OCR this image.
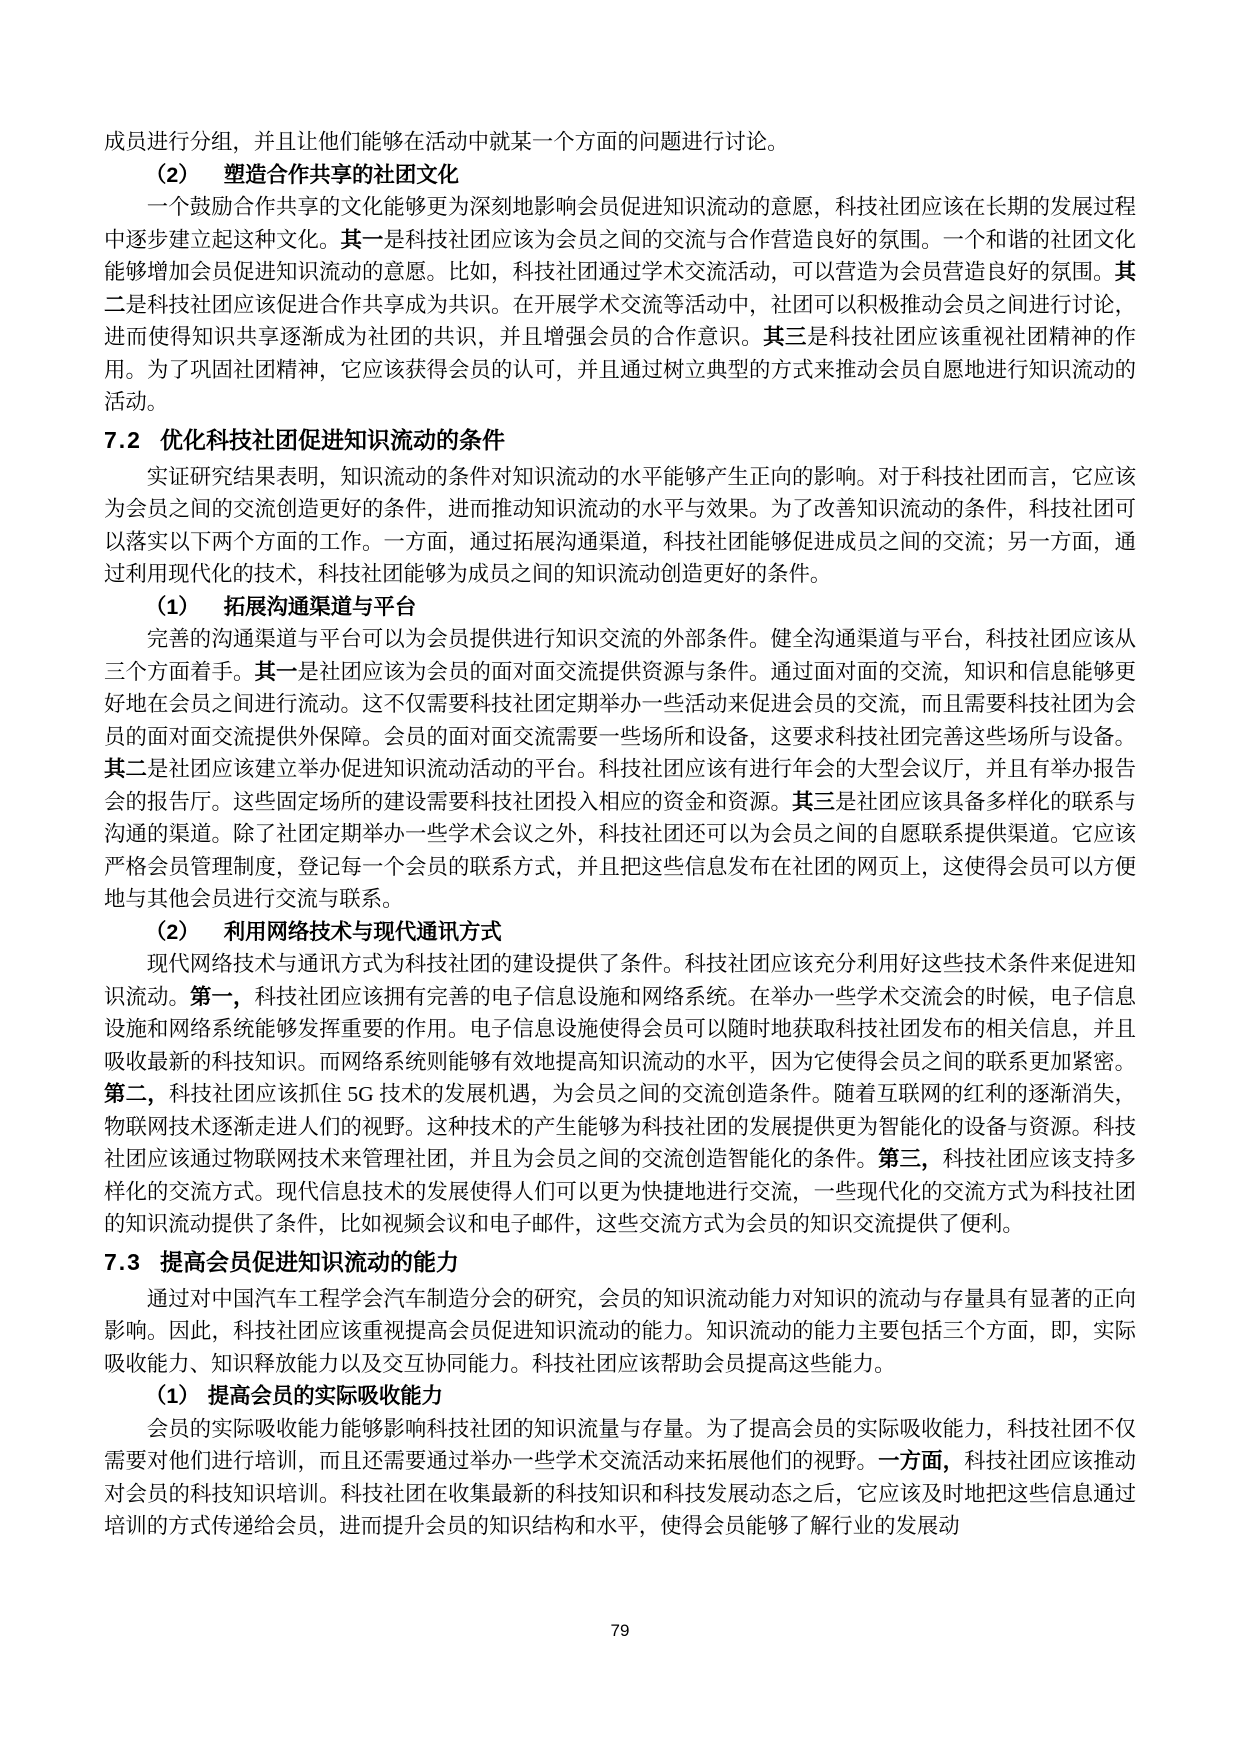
成员进行分组，并且让他们能够在活动中就某一个方面的问题进行讨论。

（2） 塑造合作共享的社团文化

一个鼓励合作共享的文化能够更为深刻地影响会员促进知识流动的意愿，科技社团应该在长期的发展过程中逐步建立起这种文化。其一是科技社团应该为会员之间的交流与合作营造良好的氛围。一个和谐的社团文化能够增加会员促进知识流动的意愿。比如，科技社团通过学术交流活动，可以营造为会员营造良好的氛围。其二是科技社团应该促进合作共享成为共识。在开展学术交流等活动中，社团可以积极推动会员之间进行讨论，进而使得知识共享逐渐成为社团的共识，并且增强会员的合作意识。其三是科技社团应该重视社团精神的作用。为了巩固社团精神，它应该获得会员的认可，并且通过树立典型的方式来推动会员自愿地进行知识流动的活动。

7.2 优化科技社团促进知识流动的条件

实证研究结果表明，知识流动的条件对知识流动的水平能够产生正向的影响。对于科技社团而言，它应该为会员之间的交流创造更好的条件，进而推动知识流动的水平与效果。为了改善知识流动的条件，科技社团可以落实以下两个方面的工作。一方面，通过拓展沟通渠道，科技社团能够促进成员之间的交流；另一方面，通过利用现代化的技术，科技社团能够为成员之间的知识流动创造更好的条件。

（1） 拓展沟通渠道与平台

完善的沟通渠道与平台可以为会员提供进行知识交流的外部条件。健全沟通渠道与平台，科技社团应该从三个方面着手。其一是社团应该为会员的面对面交流提供资源与条件。通过面对面的交流，知识和信息能够更好地在会员之间进行流动。这不仅需要科技社团定期举办一些活动来促进会员的交流，而且需要科技社团为会员的面对面交流提供外保障。会员的面对面交流需要一些场所和设备，这要求科技社团完善这些场所与设备。其二是社团应该建立举办促进知识流动活动的平台。科技社团应该有进行年会的大型会议厅，并且有举办报告会的报告厅。这些固定场所的建设需要科技社团投入相应的资金和资源。其三是社团应该具备多样化的联系与沟通的渠道。除了社团定期举办一些学术会议之外，科技社团还可以为会员之间的自愿联系提供渠道。它应该严格会员管理制度，登记每一个会员的联系方式，并且把这些信息发布在社团的网页上，这使得会员可以方便地与其他会员进行交流与联系。

（2） 利用网络技术与现代通讯方式

现代网络技术与通讯方式为科技社团的建设提供了条件。科技社团应该充分利用好这些技术条件来促进知识流动。第一，科技社团应该拥有完善的电子信息设施和网络系统。在举办一些学术交流会的时候，电子信息设施和网络系统能够发挥重要的作用。电子信息设施使得会员可以随时地获取科技社团发布的相关信息，并且吸收最新的科技知识。而网络系统则能够有效地提高知识流动的水平，因为它使得会员之间的联系更加紧密。第二，科技社团应该抓住 5G 技术的发展机遇，为会员之间的交流创造条件。随着互联网的红利的逐渐消失，物联网技术逐渐走进人们的视野。这种技术的产生能够为科技社团的发展提供更为智能化的设备与资源。科技社团应该通过物联网技术来管理社团，并且为会员之间的交流创造智能化的条件。第三，科技社团应该支持多样化的交流方式。现代信息技术的发展使得人们可以更为快捷地进行交流，一些现代化的交流方式为科技社团的知识流动提供了条件，比如视频会议和电子邮件，这些交流方式为会员的知识交流提供了便利。

7.3 提高会员促进知识流动的能力

通过对中国汽车工程学会汽车制造分会的研究，会员的知识流动能力对知识的流动与存量具有显著的正向影响。因此，科技社团应该重视提高会员促进知识流动的能力。知识流动的能力主要包括三个方面，即，实际吸收能力、知识释放能力以及交互协同能力。科技社团应该帮助会员提高这些能力。

（1） 提高会员的实际吸收能力

会员的实际吸收能力能够影响科技社团的知识流量与存量。为了提高会员的实际吸收能力，科技社团不仅需要对他们进行培训，而且还需要通过举办一些学术交流活动来拓展他们的视野。一方面，科技社团应该推动对会员的科技知识培训。科技社团在收集最新的科技知识和科技发展动态之后，它应该及时地把这些信息通过培训的方式传递给会员，进而提升会员的知识结构和水平，使得会员能够了解行业的发展动

79
